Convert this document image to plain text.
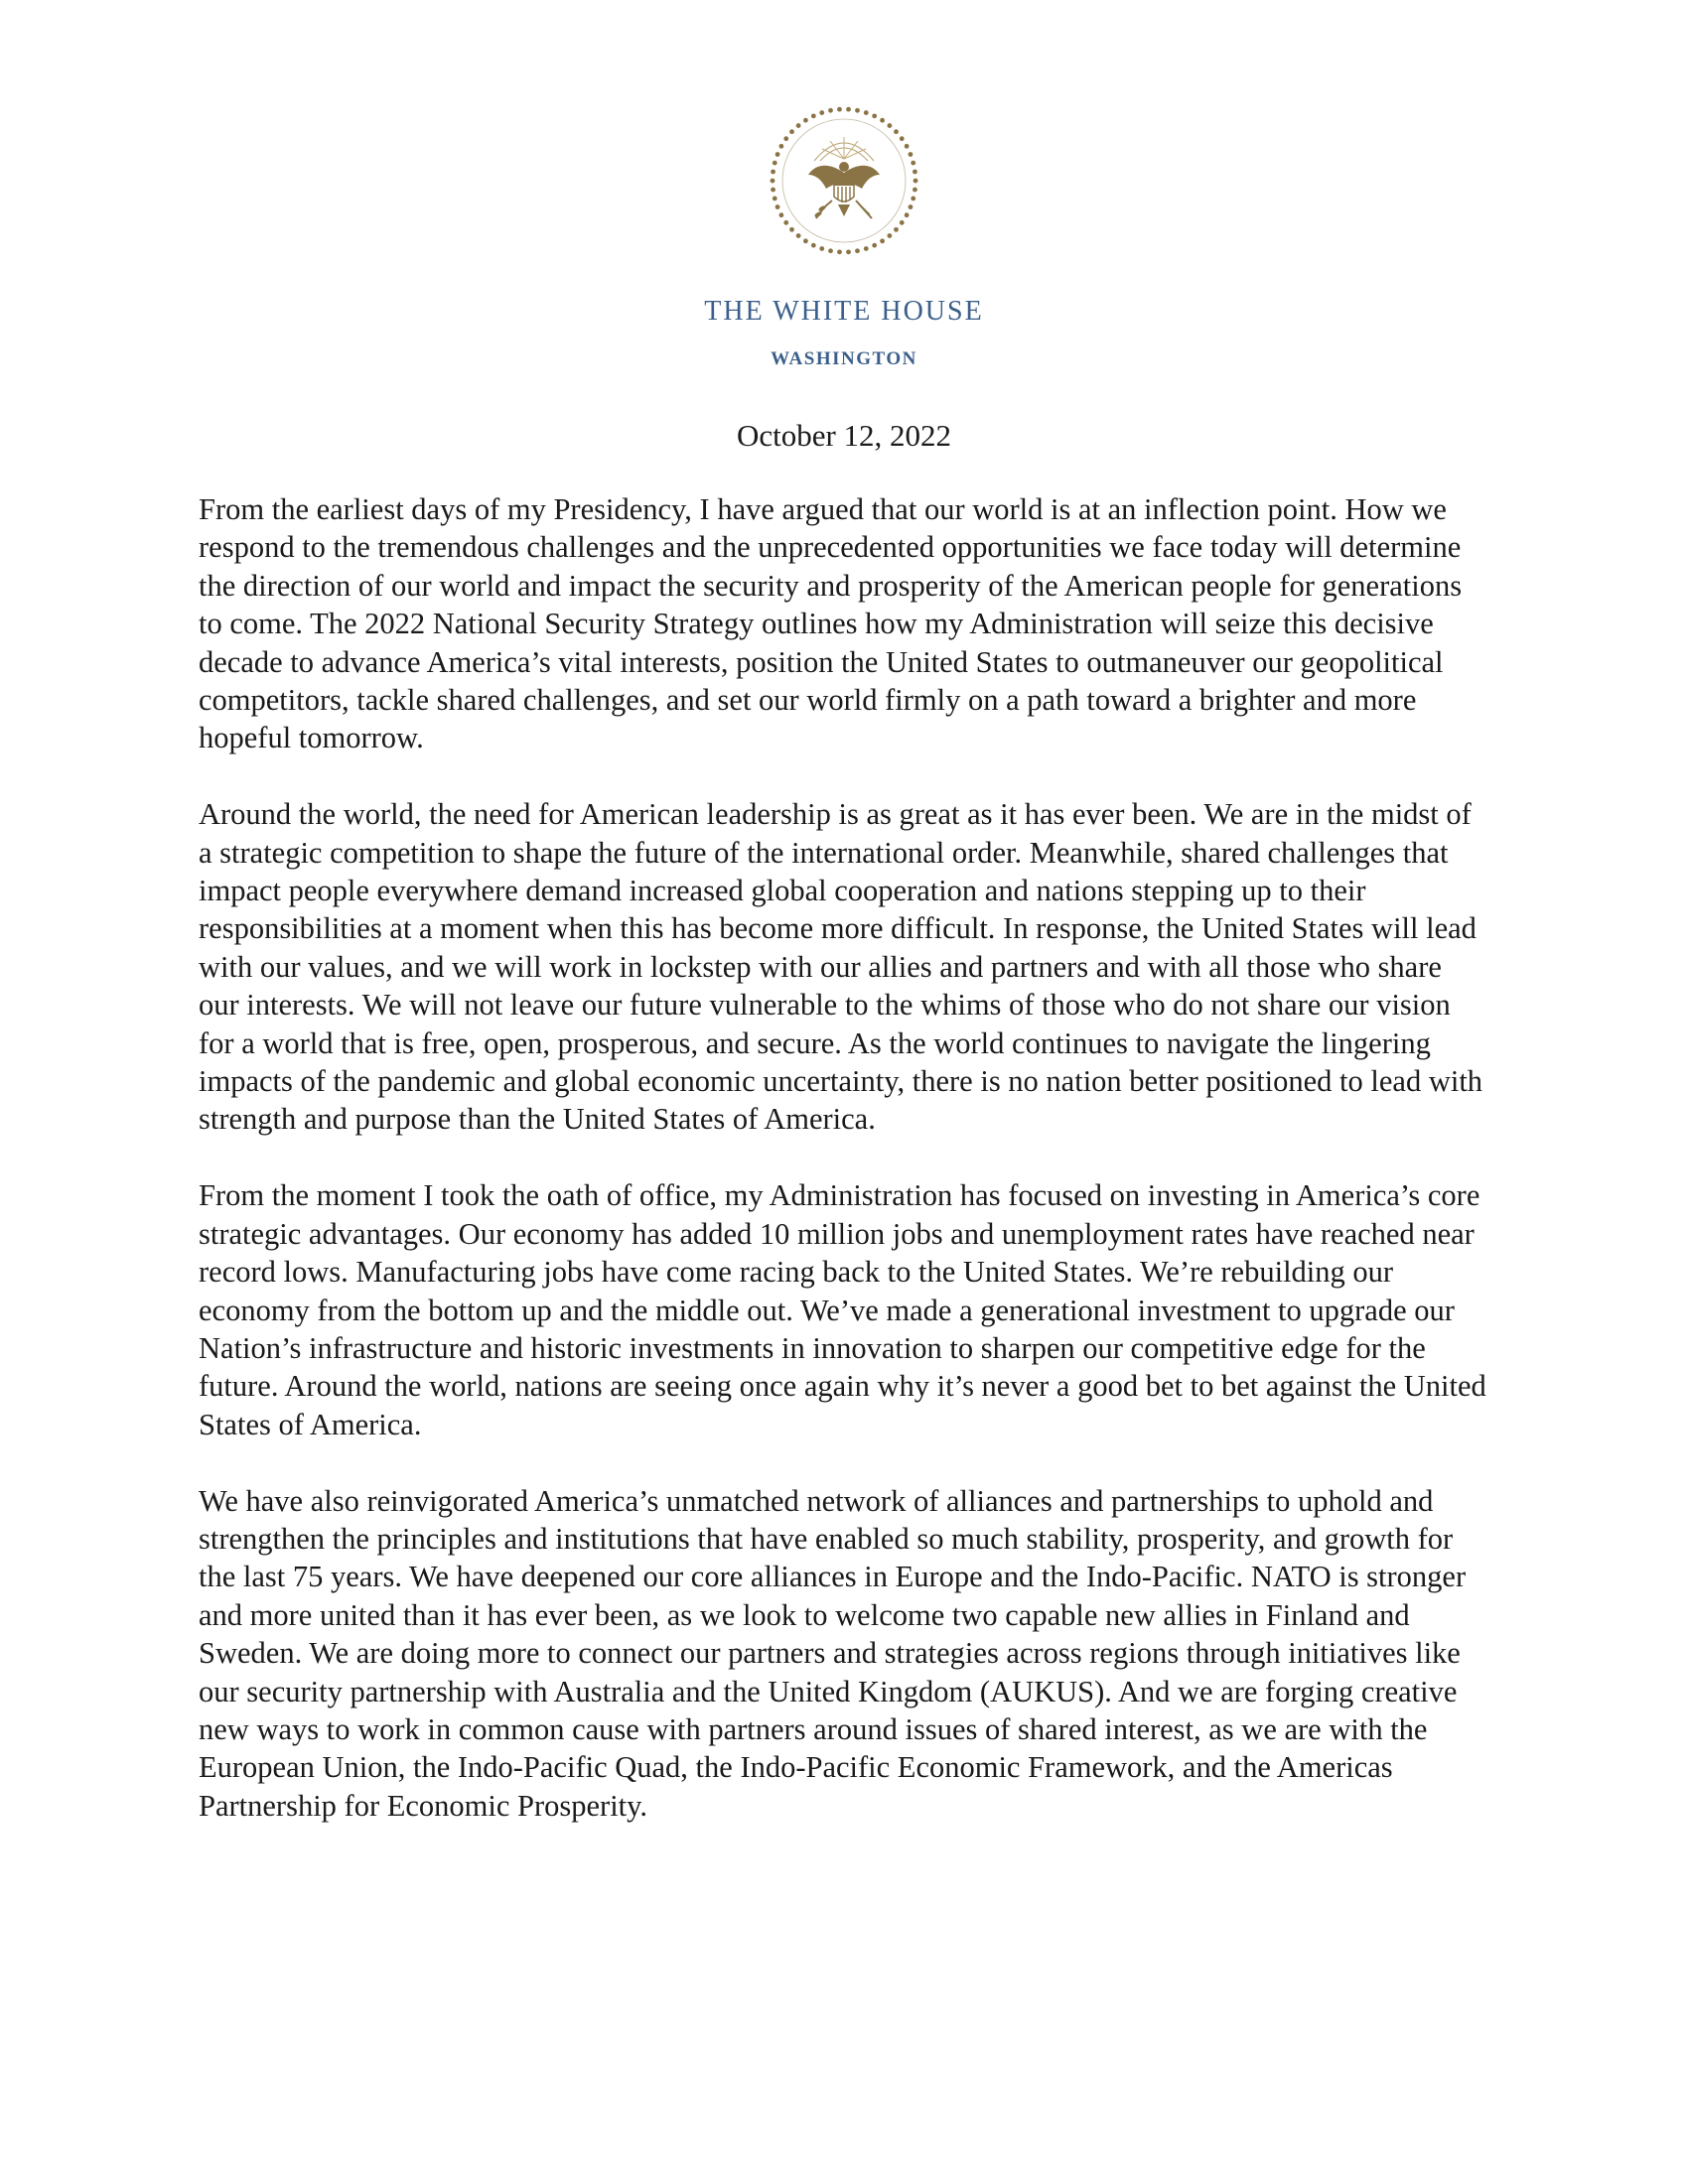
THE WHITE HOUSE
WASHINGTON
October 12, 2022

From the earliest days of my Presidency, I have argued that our world is at an inflection point. How we respond to the tremendous challenges and the unprecedented opportunities we face today will determine the direction of our world and impact the security and prosperity of the American people for generations to come. The 2022 National Security Strategy outlines how my Administration will seize this decisive decade to advance America’s vital interests, position the United States to outmaneuver our geopolitical competitors, tackle shared challenges, and set our world firmly on a path toward a brighter and more hopeful tomorrow.

Around the world, the need for American leadership is as great as it has ever been. We are in the midst of a strategic competition to shape the future of the international order. Meanwhile, shared challenges that impact people everywhere demand increased global cooperation and nations stepping up to their responsibilities at a moment when this has become more difficult. In response, the United States will lead with our values, and we will work in lockstep with our allies and partners and with all those who share our interests. We will not leave our future vulnerable to the whims of those who do not share our vision for a world that is free, open, prosperous, and secure. As the world continues to navigate the lingering impacts of the pandemic and global economic uncertainty, there is no nation better positioned to lead with strength and purpose than the United States of America.

From the moment I took the oath of office, my Administration has focused on investing in America’s core strategic advantages. Our economy has added 10 million jobs and unemployment rates have reached near record lows. Manufacturing jobs have come racing back to the United States. We’re rebuilding our economy from the bottom up and the middle out. We’ve made a generational investment to upgrade our Nation’s infrastructure and historic investments in innovation to sharpen our competitive edge for the future. Around the world, nations are seeing once again why it’s never a good bet to bet against the United States of America.

We have also reinvigorated America’s unmatched network of alliances and partnerships to uphold and strengthen the principles and institutions that have enabled so much stability, prosperity, and growth for the last 75 years. We have deepened our core alliances in Europe and the Indo-Pacific. NATO is stronger and more united than it has ever been, as we look to welcome two capable new allies in Finland and Sweden. We are doing more to connect our partners and strategies across regions through initiatives like our security partnership with Australia and the United Kingdom (AUKUS). And we are forging creative new ways to work in common cause with partners around issues of shared interest, as we are with the European Union, the Indo-Pacific Quad, the Indo-Pacific Economic Framework, and the Americas Partnership for Economic Prosperity.
